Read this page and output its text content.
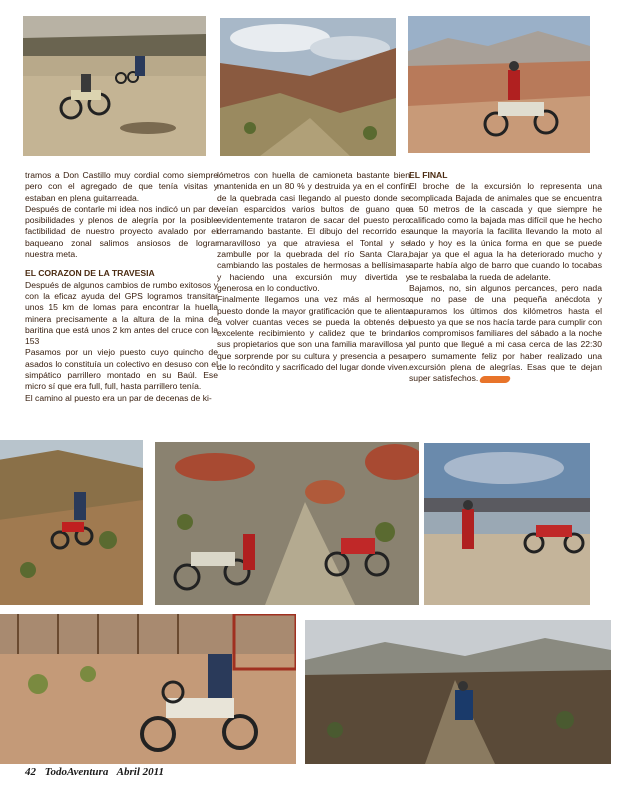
tramos a Don Castillo muy cordial como siempre pero con el agregado de que tenía visitas y estaban en plena guitarreada.

Después de contarle mi idea nos indicó un par de posibilidades y plenos de alegría por la posible factibilidad de nuestro proyecto avalado por el baqueano zonal salimos ansiosos de lograr nuestra meta.

EL CORAZON DE LA TRAVESIA

Después de algunos cambios de rumbo exitosos y con la eficaz ayuda del GPS logramos transitar unos 15 km de lomas para encontrar la huella minera precisamente a la altura de la mina de baritina que está unos 2 km antes del cruce con la 153

Pasamos por un viejo puesto cuyo quincho de asados lo constituía un colectivo en desuso con el simpático parrillero montado en su Baúl. Ese micro sí que era full, full, hasta parrillero tenía.

El camino al puesto era un par de decenas de ki-

lómetros con huella de camioneta bastante bien mantenida en un 80 % y destruida ya en el confín de la quebrada casi llegando al puesto donde se veían esparcidos varios bultos de guano que evidentemente trataron de sacar del puesto pero derramando bastante. El dibujo del recorrido es maravilloso ya que atraviesa el Tontal y se zambulle por la quebrada del río Santa Clara, cambiando las postales de hermosas a bellísimas y haciendo una excursión muy divertida y generosa en lo conductivo.

Finalmente llegamos una vez más al hermoso puesto donde la mayor gratificación que te alienta a volver cuantas veces se pueda la obtenés del excelente recibimiento y calidez que te brindan sus propietarios que son una familia maravillosa y que sorprende por su cultura y presencia a pesar de lo recóndito y sacrificado del lugar donde viven.

EL FINAL

El broche de la excursión lo representa una complicada Bajada de animales que se encuentra a 50 metros de la cascada y que siempre he calificado como la bajada mas difícil que he hecho aunque la mayoría la facilita llevando la moto al lado y hoy es la única forma en que se puede bajar ya que el agua la ha deteriorado mucho y aparte había algo de barro que cuando lo tocabas se te resbalaba la rueda de adelante.

Bajamos, no, sin algunos percances, pero nada que no pase de una pequeña anécdota y apuramos los últimos dos kilómetros hasta el puesto ya que se nos hacía tarde para cumplir con los compromisos familiares del sábado a la noche al punto que llegué a mi casa cerca de las 22:30 pero sumamente feliz por haber realizado una excursión plena de alegrías. Esas que te dejan super satisfechos.

42 TodoAventura Abril 2011
